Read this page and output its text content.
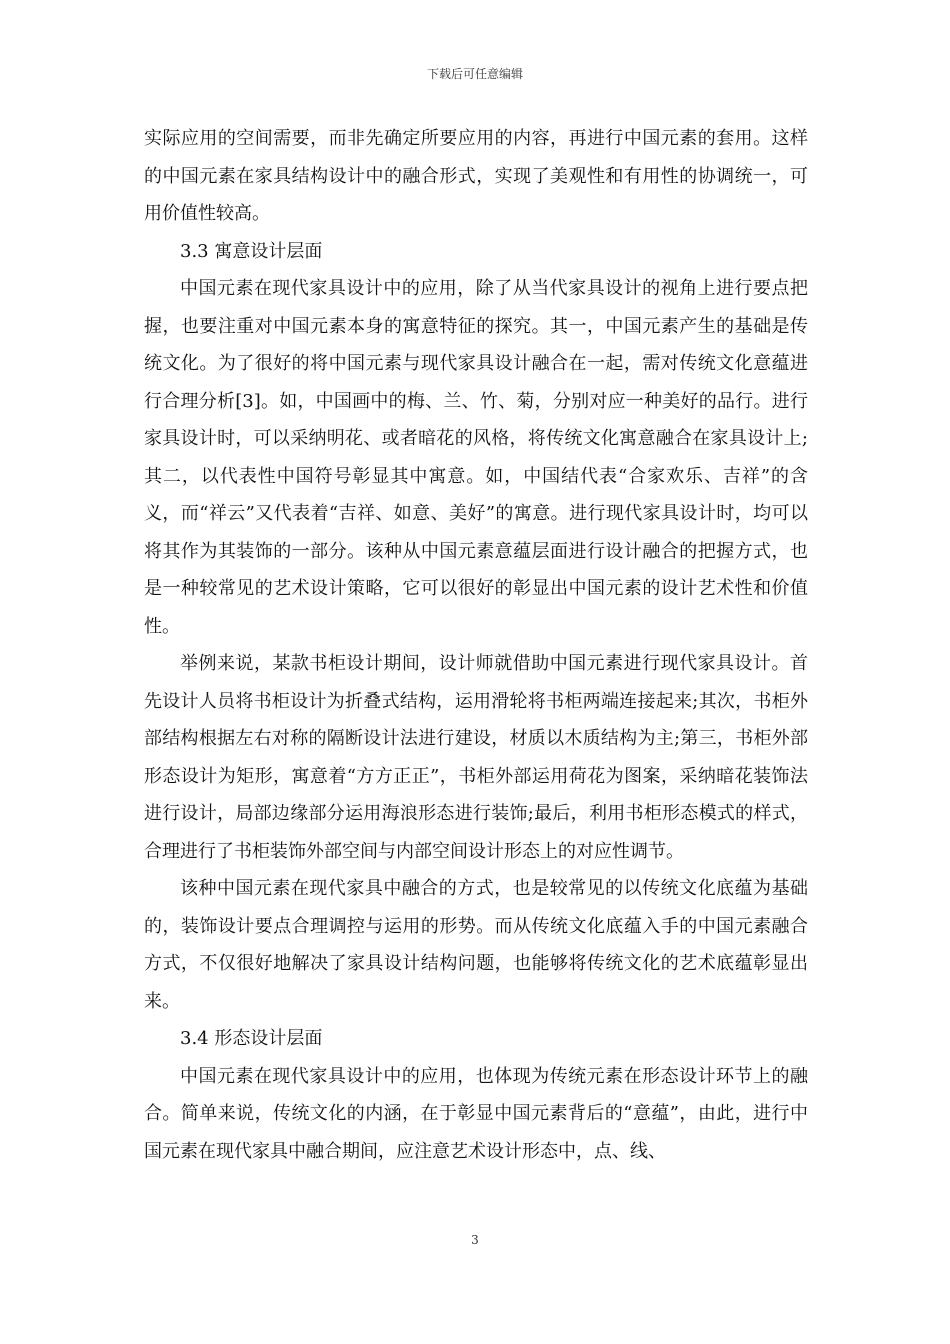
下载后可任意编辑

实际应用的空间需要，而非先确定所要应用的内容，再进行中国元素的套用。这样的中国元素在家具结构设计中的融合形式，实现了美观性和有用性的协调统一，可用价值性较高。

3.3 寓意设计层面

中国元素在现代家具设计中的应用，除了从当代家具设计的视角上进行要点把握，也要注重对中国元素本身的寓意特征的探究。其一，中国元素产生的基础是传统文化。为了很好的将中国元素与现代家具设计融合在一起，需对传统文化意蕴进行合理分析[3]。如，中国画中的梅、兰、竹、菊，分别对应一种美好的品行。进行家具设计时，可以采纳明花、或者暗花的风格，将传统文化寓意融合在家具设计上;其二，以代表性中国符号彰显其中寓意。如，中国结代表“合家欢乐、吉祥”的含义，而“祥云”又代表着“吉祥、如意、美好”的寓意。进行现代家具设计时，均可以将其作为其装饰的一部分。该种从中国元素意蕴层面进行设计融合的把握方式，也是一种较常见的艺术设计策略，它可以很好的彰显出中国元素的设计艺术性和价值性。

举例来说，某款书柜设计期间，设计师就借助中国元素进行现代家具设计。首先设计人员将书柜设计为折叠式结构，运用滑轮将书柜两端连接起来;其次，书柜外部结构根据左右对称的隔断设计法进行建设，材质以木质结构为主;第三，书柜外部形态设计为矩形，寓意着“方方正正”，书柜外部运用荷花为图案，采纳暗花装饰法进行设计，局部边缘部分运用海浪形态进行装饰;最后，利用书柜形态模式的样式，合理进行了书柜装饰外部空间与内部空间设计形态上的对应性调节。

该种中国元素在现代家具中融合的方式，也是较常见的以传统文化底蕴为基础的，装饰设计要点合理调控与运用的形势。而从传统文化底蕴入手的中国元素融合方式，不仅很好地解决了家具设计结构问题，也能够将传统文化的艺术底蕴彰显出来。

3.4 形态设计层面

中国元素在现代家具设计中的应用，也体现为传统元素在形态设计环节上的融合。简单来说，传统文化的内涵，在于彰显中国元素背后的“意蕴”，由此，进行中国元素在现代家具中融合期间，应注意艺术设计形态中，点、线、

3
